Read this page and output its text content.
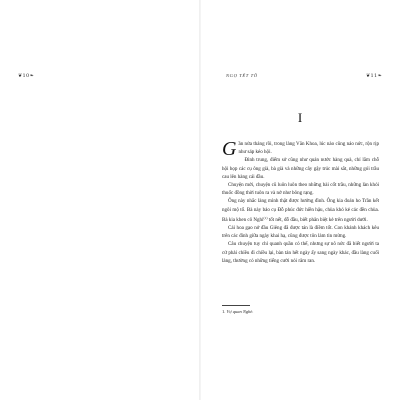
❦10❧	NGỌ TẾT TỖ	❦11❧
I

Gần nửa tháng rồi, trong làng Văn Khoa, lúc nào cũng náo nức, rộn rịp như sáp kéo hội.

Đình trung, điếm sở cũng như quán nước hàng quà, chỉ lắm chỗ hội họp các cụ ông già, bà già và những cây gậy trúc mài sắt, những gói trầu cau lên hàng cái đầu.

Chuyện mới, chuyện cũ luôn luôn theo những bài cốt trầu, những làn khói thuốc đồng thời tuôn ra và nở như bông rạng.

Ông này nhắc làng mình thật được hưởng đình. Ông kia đoán ho Trần kết ngôi mộ tổ. Bà này bảo cụ Đỗ phúc đức hiền hậu, chùa khó kẻ các đền chùa. Bà kia khen cô Nghi$^{(1)}$ tốt nết, đỗ đầu, biết phân biệt kẻ trên người dưới.

Cái hoa gạo nở đầu Giêng đã được tán là điềm tốt. Con khánh khách kêu trên các đình giữa ngày khai hạ, cũng được tôn làm tin mừng.

Câu chuyện tuy chỉ quanh quần có thế, nhưng sự nô nức đã biết người ta cứ phải chiều đi chiều lại, bàn tán hết ngày ấy sang ngày khác, đầu làng cuối làng, thường có những tiếng cười nói râm ran.

1. Vợ quan Nghè.
